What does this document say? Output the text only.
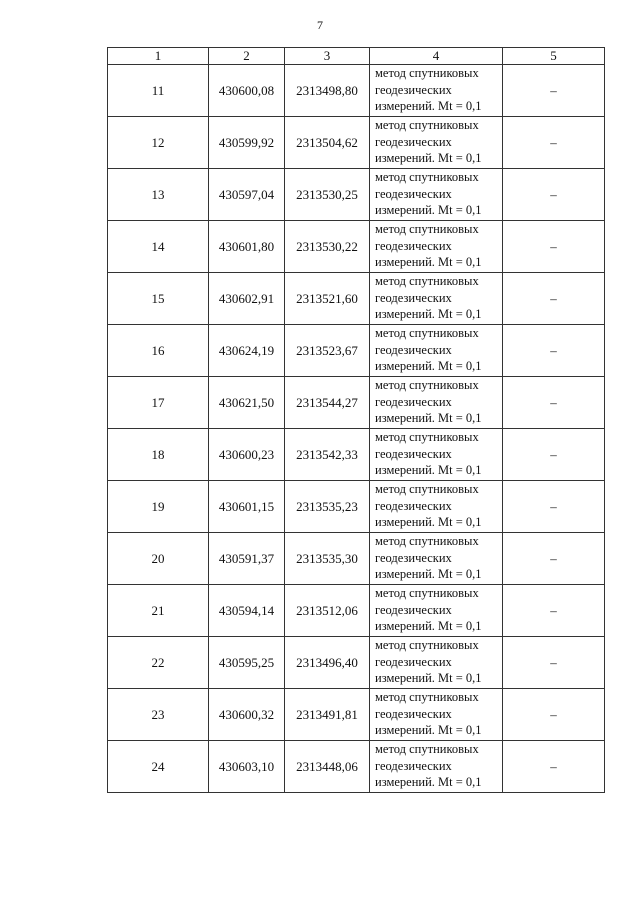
7
1	2	3	4	5
11	430600,08	2313498,80	метод спутниковых
геодезических
измерений. Mt = 0,1	–
12	430599,92	2313504,62	метод спутниковых
геодезических
измерений. Mt = 0,1	–
13	430597,04	2313530,25	метод спутниковых
геодезических
измерений. Mt = 0,1	–
14	430601,80	2313530,22	метод спутниковых
геодезических
измерений. Mt = 0,1	–
15	430602,91	2313521,60	метод спутниковых
геодезических
измерений. Mt = 0,1	–
16	430624,19	2313523,67	метод спутниковых
геодезических
измерений. Mt = 0,1	–
17	430621,50	2313544,27	метод спутниковых
геодезических
измерений. Mt = 0,1	–
18	430600,23	2313542,33	метод спутниковых
геодезических
измерений. Mt = 0,1	–
19	430601,15	2313535,23	метод спутниковых
геодезических
измерений. Mt = 0,1	–
20	430591,37	2313535,30	метод спутниковых
геодезических
измерений. Mt = 0,1	–
21	430594,14	2313512,06	метод спутниковых
геодезических
измерений. Mt = 0,1	–
22	430595,25	2313496,40	метод спутниковых
геодезических
измерений. Mt = 0,1	–
23	430600,32	2313491,81	метод спутниковых
геодезических
измерений. Mt = 0,1	–
24	430603,10	2313448,06	метод спутниковых
геодезических
измерений. Mt = 0,1	–
